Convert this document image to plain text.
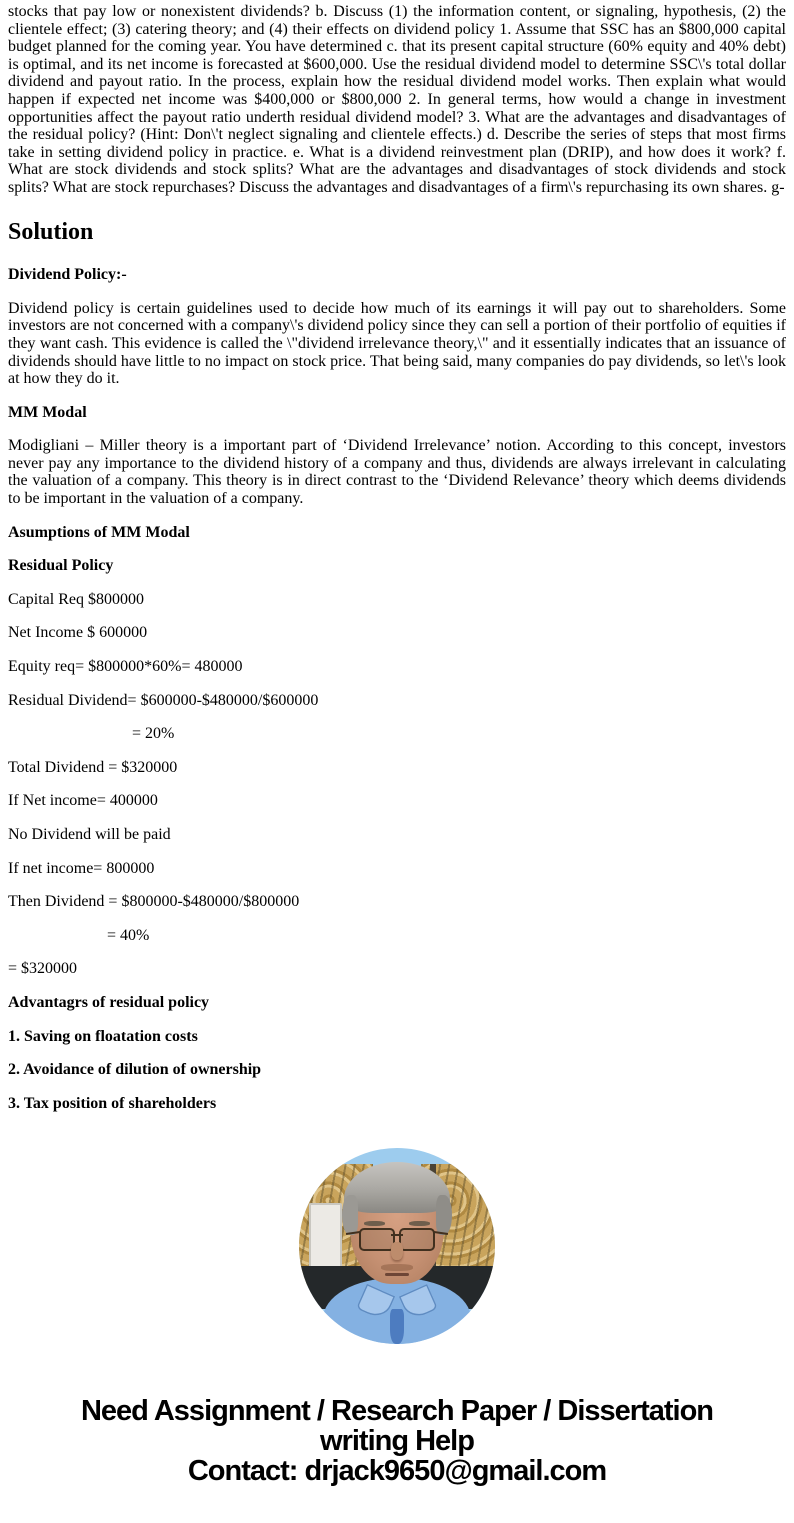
stocks that pay low or nonexistent dividends? b. Discuss (1) the information content, or signaling, hypothesis, (2) the clientele effect; (3) catering theory; and (4) their effects on dividend policy 1. Assume that SSC has an $800,000 capital budget planned for the coming year. You have determined c. that its present capital structure (60% equity and 40% debt) is optimal, and its net income is forecasted at $600,000. Use the residual dividend model to determine SSC\'s total dollar dividend and payout ratio. In the process, explain how the residual dividend model works. Then explain what would happen if expected net income was $400,000 or $800,000 2. In general terms, how would a change in investment opportunities affect the payout ratio underth residual dividend model? 3. What are the advantages and disadvantages of the residual policy? (Hint: Don\'t neglect signaling and clientele effects.) d. Describe the series of steps that most firms take in setting dividend policy in practice. e. What is a dividend reinvestment plan (DRIP), and how does it work? f. What are stock dividends and stock splits? What are the advantages and disadvantages of stock dividends and stock splits? What are stock repurchases? Discuss the advantages and disadvantages of a firm\'s repurchasing its own shares. g-

Solution

Dividend Policy:-

Dividend policy is certain guidelines used to decide how much of its earnings it will pay out to shareholders. Some investors are not concerned with a company\'s dividend policy since they can sell a portion of their portfolio of equities if they want cash. This evidence is called the \"dividend irrelevance theory,\" and it essentially indicates that an issuance of dividends should have little to no impact on stock price. That being said, many companies do pay dividends, so let\'s look at how they do it.

MM Modal

Modigliani – Miller theory is a important part of ‘Dividend Irrelevance’ notion. According to this concept, investors never pay any importance to the dividend history of a company and thus, dividends are always irrelevant in calculating the valuation of a company. This theory is in direct contrast to the ‘Dividend Relevance’ theory which deems dividends to be important in the valuation of a company.

Asumptions of MM Modal

Residual Policy

Capital Req $800000

Net Income $ 600000

Equity req= $800000*60%= 480000

Residual Dividend= $600000-$480000/$600000

= 20%

Total Dividend = $320000

If Net income= 400000

No Dividend will be paid

If net income= 800000

Then Dividend = $800000-$480000/$800000

= 40%

= $320000

Advantagrs of residual policy

1. Saving on floatation costs

2. Avoidance of dilution of ownership

3. Tax position of shareholders

Need Assignment / Research Paper / Dissertation
writing Help
Contact: drjack9650@gmail.com
